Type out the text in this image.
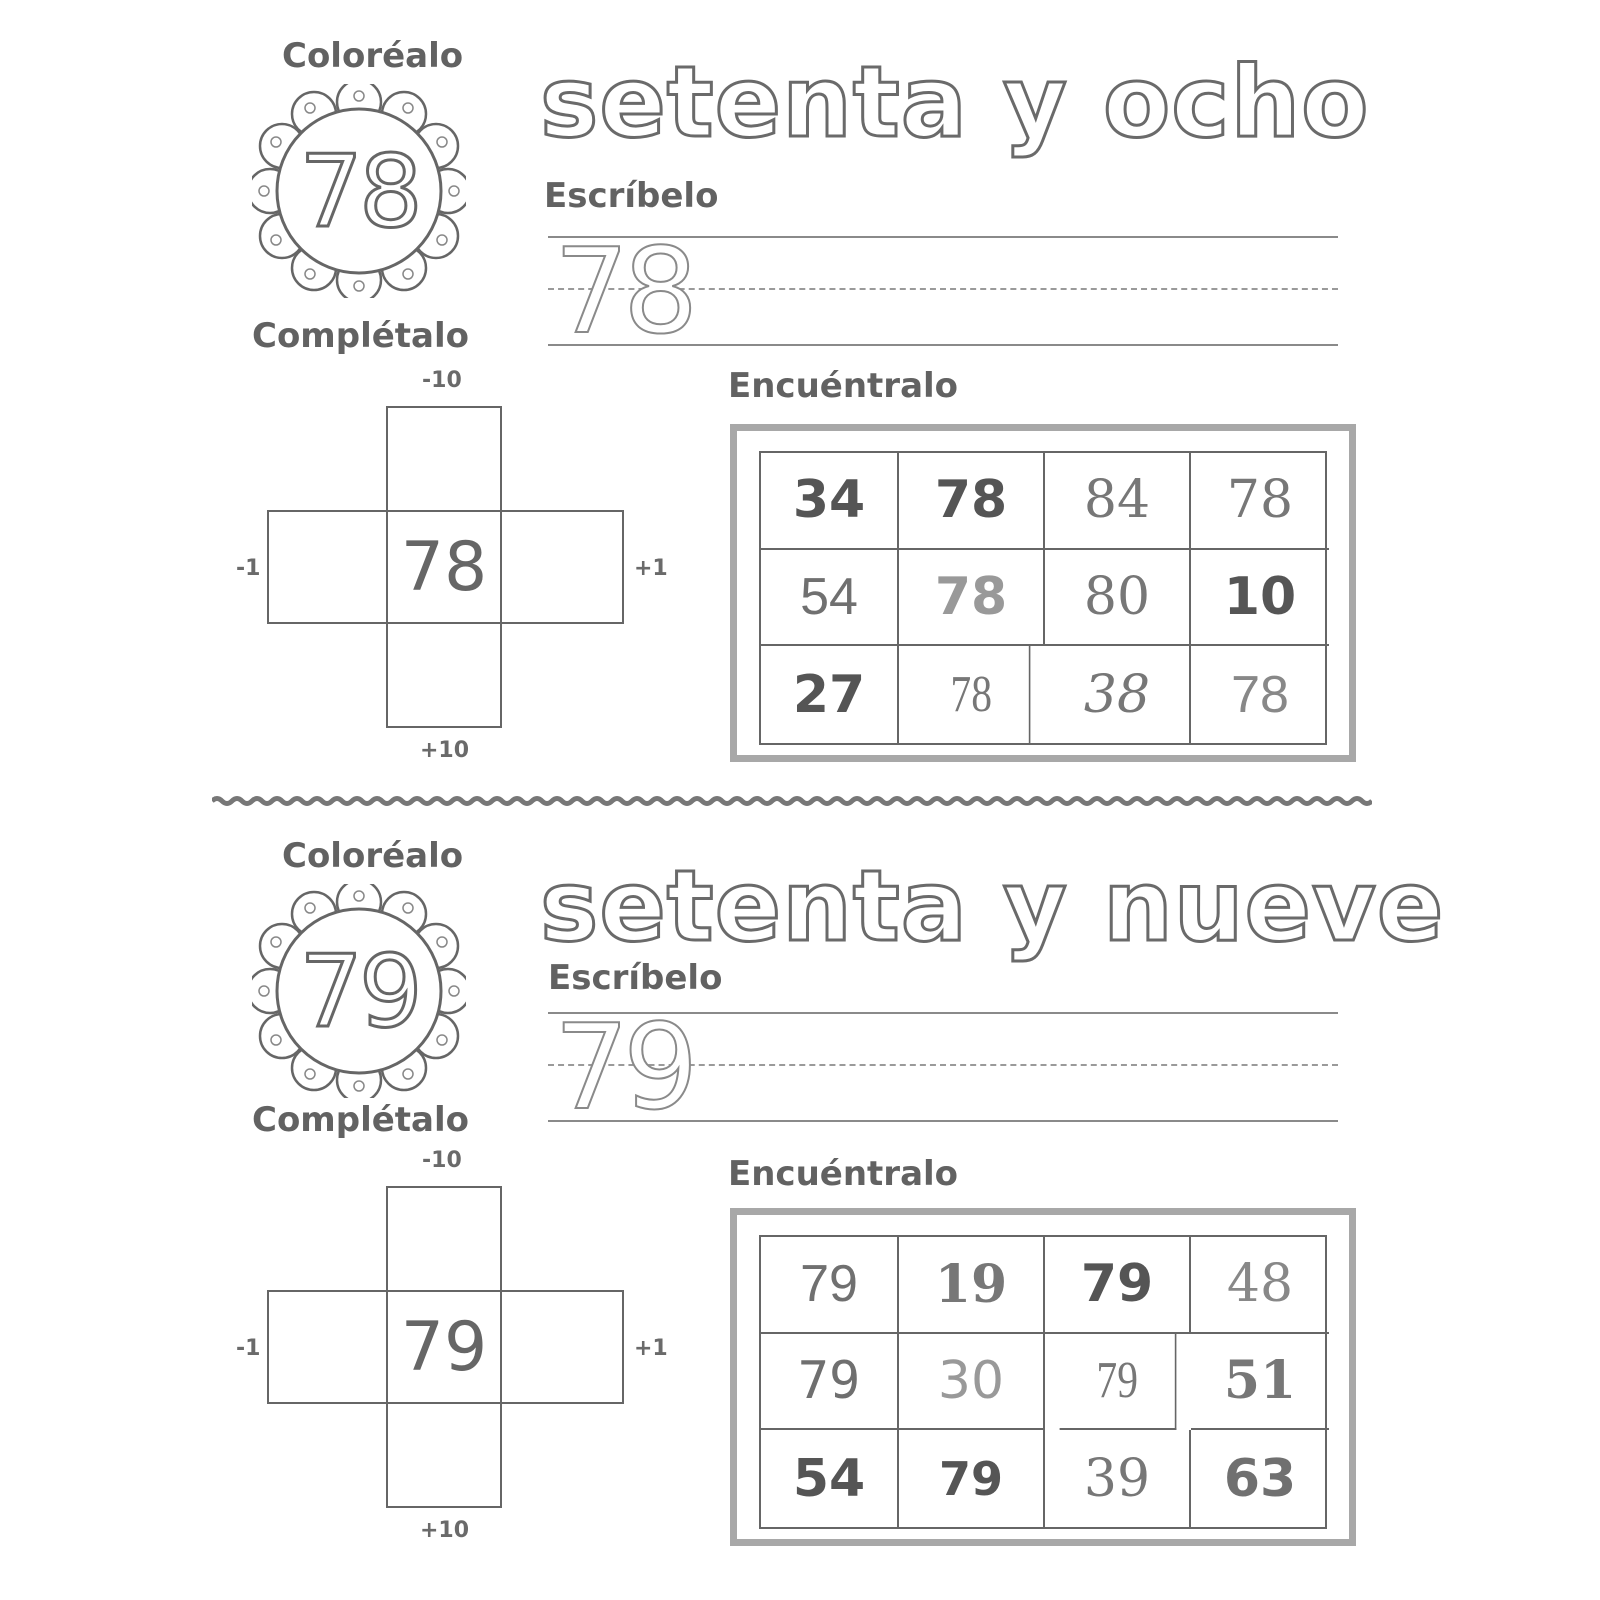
Coloréalo
78
setenta y ocho
Escríbelo
78
Complétalo
-10
78
-1	+1
+10
Encuéntralo
34	78	84	78
54	78	80	10
27	78	38	78
Coloréalo
79
setenta y nueve
Escríbelo
79
Complétalo
-10
79
-1	+1
+10
Encuéntralo
79	19	79	48
79	30	79	51
54	79	39	63
